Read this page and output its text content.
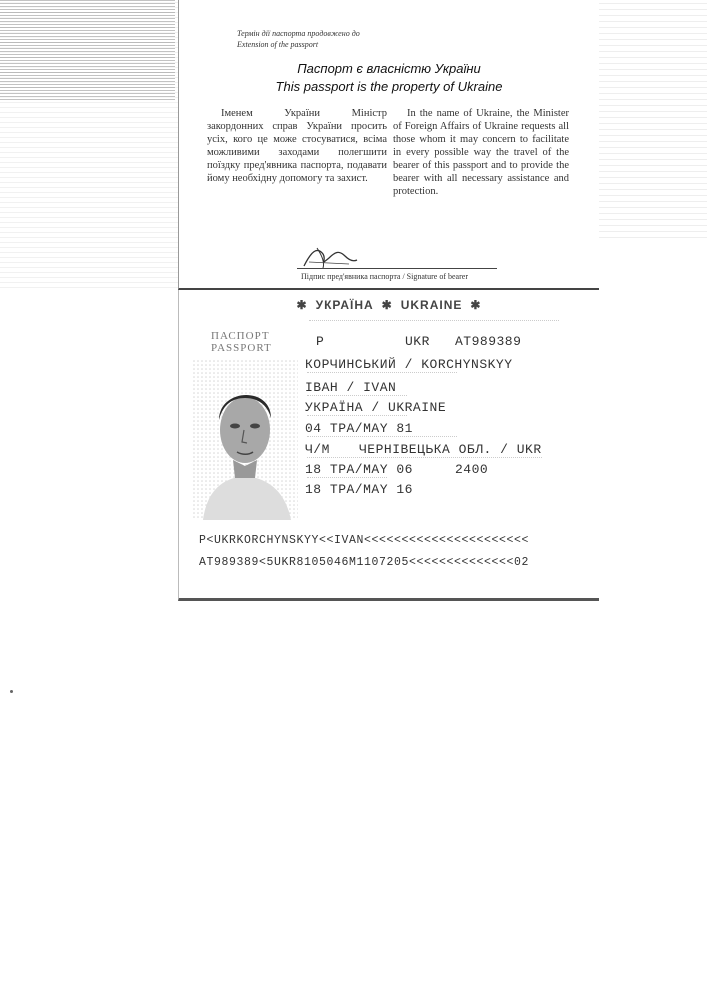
Термін дії паспорта продовжено до
Extension of the passport
Паспорт є власністю України
This passport is the property of Ukraine

Іменем України Міністр закордонних справ України просить усіх, кого це може стосуватися, всіма можливими заходами полегшити поїздку пред'явника паспорта, подавати йому необхідну допомогу та захист.

In the name of Ukraine, the Minister of Foreign Affairs of Ukraine requests all those whom it may concern to facilitate in every possible way the travel of the bearer of this passport and to provide the bearer with all necessary assistance and protection.

Підпис пред'явника паспорта / Signature of bearer
✱ УКРАЇНА ✱ UKRAINE ✱
ПАСПОРТ
PASSPORT	P	UKR AT989389
КОРЧИНСЬКИЙ / KORCHYNSKYY
ІВАН / IVAN
УКРАЇНА / UKRAINE
04 ТРА/MAY 81
Ч/M ЧЕРНІВЕЦЬКА ОБЛ. / UKR
18 ТРА/MAY 06	2400
18 ТРА/MAY 16
P<UKRKORCHYNSKYY<<IVAN<<<<<<<<<<<<<<<<<<<<<<
AT989389<5UKR8105046M1107205<<<<<<<<<<<<<<02
